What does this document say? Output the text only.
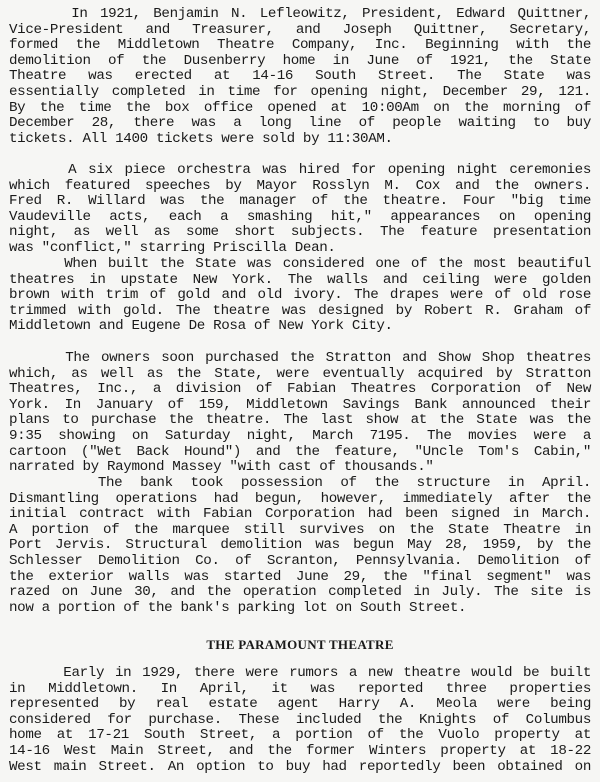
In 1921, Benjamin N. Lefleowitz, President, Edward Quittner,
Vice-President and Treasurer, and Joseph Quittner, Secretary,
formed the Middletown Theatre Company, Inc. Beginning with the
demolition of the Dusenberry home in June of 1921, the State
Theatre was erected at 14-16 South Street. The State was
essentially completed in time for opening night, December 29, 121.
By the time the box office opened at 10:00Am on the morning of
December 28, there was a long line of people waiting to buy
tickets. All 1400 tickets were sold by 11:30AM.
A six piece orchestra was hired for opening night ceremonies
which featured speeches by Mayor Rosslyn M. Cox and the owners.
Fred R. Willard was the manager of the theatre. Four "big time
Vaudeville acts, each a smashing hit," appearances on opening
night, as well as some short subjects. The feature presentation
was "conflict," starring Priscilla Dean.
When built the State was considered one of the most beautiful
theatres in upstate New York. The walls and ceiling were golden
brown with trim of gold and old ivory. The drapes were of old rose
trimmed with gold. The theatre was designed by Robert R. Graham of
Middletown and Eugene De Rosa of New York City.
The owners soon purchased the Stratton and Show Shop theatres
which, as well as the State, were eventually acquired by Stratton
Theatres, Inc., a division of Fabian Theatres Corporation of New
York. In January of 159, Middletown Savings Bank announced their
plans to purchase the theatre. The last show at the State was the
9:35 showing on Saturday night, March 7195. The movies were a
cartoon ("Wet Back Hound") and the feature, "Uncle Tom's Cabin,"
narrated by Raymond Massey "with cast of thousands."
The bank took possession of the structure in April.
Dismantling operations had begun, however, immediately after the
initial contract with Fabian Corporation had been signed in March.
A portion of the marquee still survives on the State Theatre in
Port Jervis. Structural demolition was begun May 28, 1959, by the
Schlesser Demolition Co. of Scranton, Pennsylvania. Demolition of
the exterior walls was started June 29, the "final segment" was
razed on June 30, and the operation completed in July. The site is
now a portion of the bank's parking lot on South Street.
THE PARAMOUNT THEATRE
Early in 1929, there were rumors a new theatre would be built
in Middletown. In April, it was reported three properties
represented by real estate agent Harry A. Meola were being
considered for purchase. These included the Knights of Columbus
home at 17-21 South Street, a portion of the Vuolo property at
14-16 West Main Street, and the former Winters property at 18-22
West main Street. An option to buy had reportedly been obtained on
